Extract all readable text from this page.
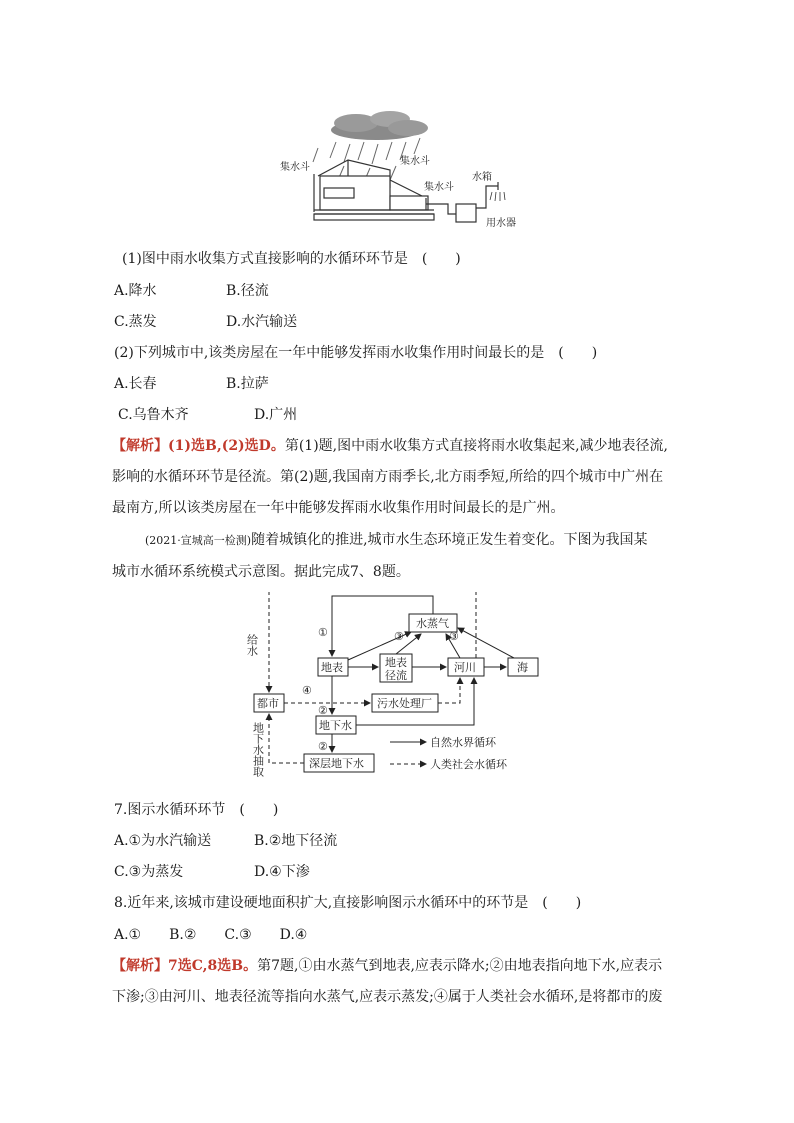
集水斗
集水斗
集水斗
水箱
用水器
(1)图中雨水收集方式直接影响的水循环环节是　(　　)
A.降水	B.径流
C.蒸发	D.水汽输送
(2)下列城市中,该类房屋在一年中能够发挥雨水收集作用时间最长的是　(　　)
A.长春	B.拉萨
C.乌鲁木齐	D.广州
【解析】(1)选B,(2)选D。第(1)题,图中雨水收集方式直接将雨水收集起来,减少地表径流,
影响的水循环环节是径流。第(2)题,我国南方雨季长,北方雨季短,所给的四个城市中广州在
最南方,所以该类房屋在一年中能够发挥雨水收集作用时间最长的是广州。
(2021·宣城高一检测)随着城镇化的推进,城市水生态环境正发生着变化。下图为我国某
城市水循环系统模式示意图。据此完成7、8题。
水蒸气
地表	地表
径流
河川	海
都市	污水处理厂
地下水
深层地下水
给水
地下水抽取
①	③	③
④
②
②	自然水界循环
人类社会水循环
7.图示水循环环节　(　　)
A.①为水汽输送	B.②地下径流
C.③为蒸发	D.④下渗
8.近年来,该城市建设硬地面积扩大,直接影响图示水循环中的环节是　(　　)
A.①　　B.②　　C.③　　D.④
【解析】7选C,8选B。第7题,①由水蒸气到地表,应表示降水;②由地表指向地下水,应表示
下渗;③由河川、地表径流等指向水蒸气,应表示蒸发;④属于人类社会水循环,是将都市的废
